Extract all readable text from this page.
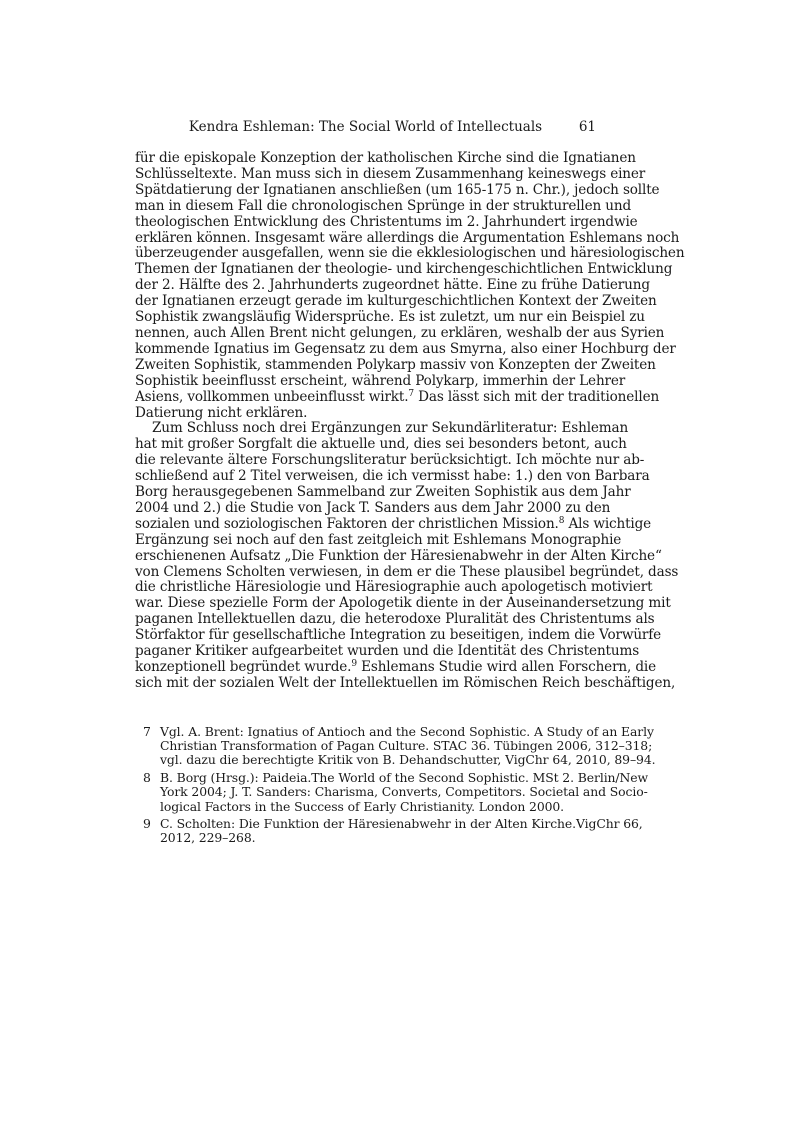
Kendra Eshleman: The Social World of Intellectuals	61
für die episkopale Konzeption der katholischen Kirche sind die Ignatianen
Schlüsseltexte. Man muss sich in diesem Zusammenhang keineswegs einer
Spätdatierung der Ignatianen anschließen (um 165-175 n. Chr.), jedoch sollte
man in diesem Fall die chronologischen Sprünge in der strukturellen und
theologischen Entwicklung des Christentums im 2. Jahrhundert irgendwie
erklären können. Insgesamt wäre allerdings die Argumentation Eshlemans noch
überzeugender ausgefallen, wenn sie die ekklesiologischen und häresiologischen
Themen der Ignatianen der theologie- und kirchengeschichtlichen Entwicklung
der 2. Hälfte des 2. Jahrhunderts zugeordnet hätte. Eine zu frühe Datierung
der Ignatianen erzeugt gerade im kulturgeschichtlichen Kontext der Zweiten
Sophistik zwangsläufig Widersprüche. Es ist zuletzt, um nur ein Beispiel zu
nennen, auch Allen Brent nicht gelungen, zu erklären, weshalb der aus Syrien
kommende Ignatius im Gegensatz zu dem aus Smyrna, also einer Hochburg der
Zweiten Sophistik, stammenden Polykarp massiv von Konzepten der Zweiten
Sophistik beeinflusst erscheint, während Polykarp, immerhin der Lehrer
Asiens, vollkommen unbeeinflusst wirkt.$^7$ Das lässt sich mit der traditionellen
Datierung nicht erklären.
Zum Schluss noch drei Ergänzungen zur Sekundärliteratur: Eshleman
hat mit großer Sorgfalt die aktuelle und, dies sei besonders betont, auch
die relevante ältere Forschungsliteratur berücksichtigt. Ich möchte nur ab-
schließend auf 2 Titel verweisen, die ich vermisst habe: 1.) den von Barbara
Borg herausgegebenen Sammelband zur Zweiten Sophistik aus dem Jahr
2004 und 2.) die Studie von Jack T. Sanders aus dem Jahr 2000 zu den
sozialen und soziologischen Faktoren der christlichen Mission.$^8$ Als wichtige
Ergänzung sei noch auf den fast zeitgleich mit Eshlemans Monographie
erschienenen Aufsatz „Die Funktion der Häresienabwehr in der Alten Kirche“
von Clemens Scholten verwiesen, in dem er die These plausibel begründet, dass
die christliche Häresiologie und Häresiographie auch apologetisch motiviert
war. Diese spezielle Form der Apologetik diente in der Auseinandersetzung mit
paganen Intellektuellen dazu, die heterodoxe Pluralität des Christentums als
Störfaktor für gesellschaftliche Integration zu beseitigen, indem die Vorwürfe
paganer Kritiker aufgearbeitet wurden und die Identität des Christentums
konzeptionell begründet wurde.$^9$ Eshlemans Studie wird allen Forschern, die
sich mit der sozialen Welt der Intellektuellen im Römischen Reich beschäftigen,
7 Vgl. A. Brent: Ignatius of Antioch and the Second Sophistic. A Study of an Early
Christian Transformation of Pagan Culture. STAC 36. Tübingen 2006, 312–318;
vgl. dazu die berechtigte Kritik von B. Dehandschutter, VigChr 64, 2010, 89–94.
8 B. Borg (Hrsg.): Paideia.The World of the Second Sophistic. MSt 2. Berlin/New
York 2004; J. T. Sanders: Charisma, Converts, Competitors. Societal and Socio-
logical Factors in the Success of Early Christianity. London 2000.
9 C. Scholten: Die Funktion der Häresienabwehr in der Alten Kirche.VigChr 66,
2012, 229–268.
